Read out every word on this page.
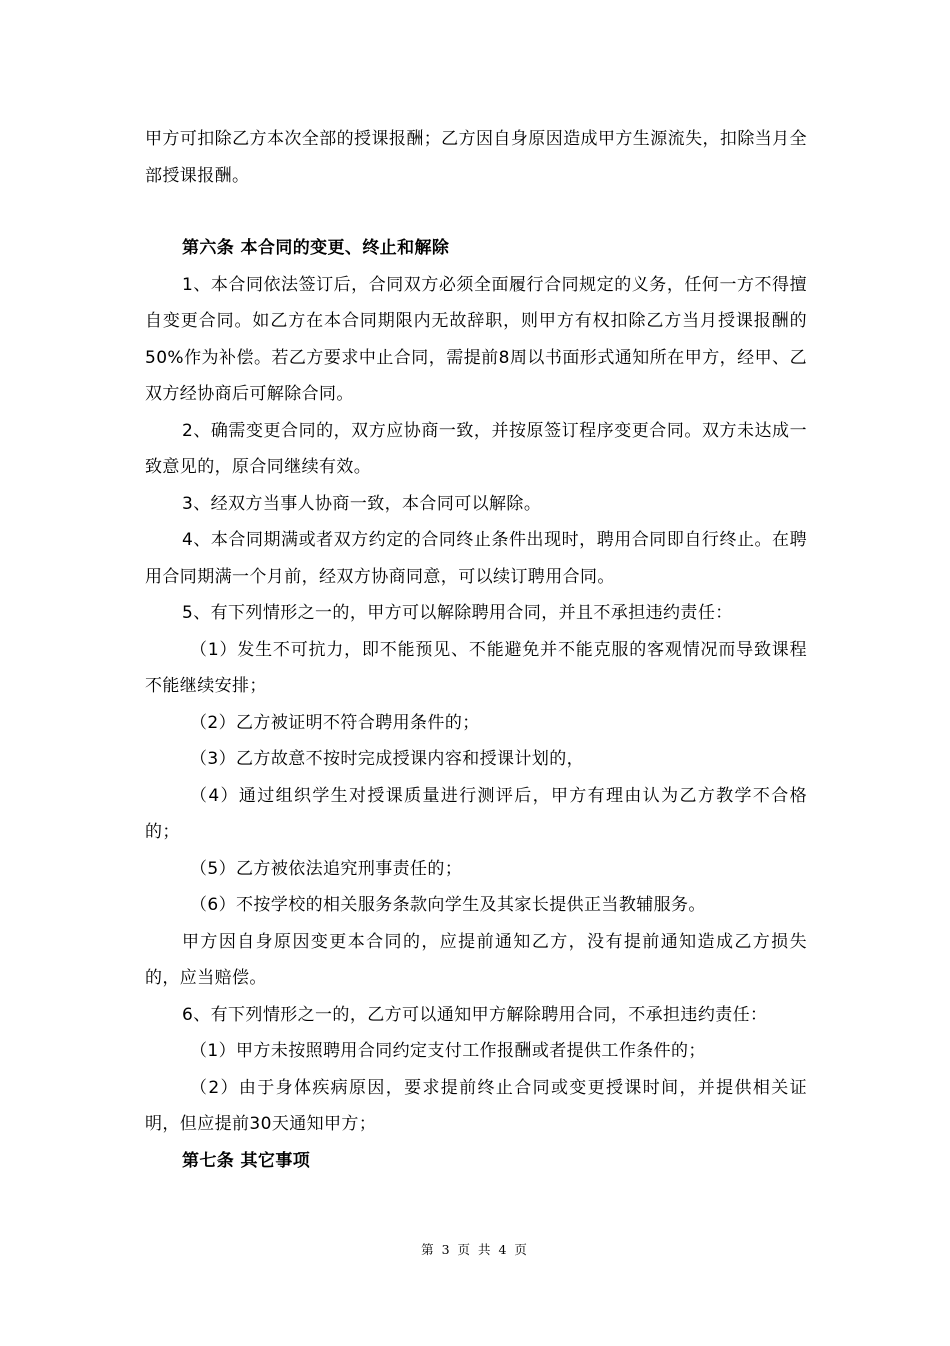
甲方可扣除乙方本次全部的授课报酬；乙方因自身原因造成甲方生源流失，扣除当月全部授课报酬。

第六条 本合同的变更、终止和解除

1、本合同依法签订后，合同双方必须全面履行合同规定的义务，任何一方不得擅自变更合同。如乙方在本合同期限内无故辞职，则甲方有权扣除乙方当月授课报酬的50%作为补偿。若乙方要求中止合同，需提前8周以书面形式通知所在甲方，经甲、乙双方经协商后可解除合同。

2、确需变更合同的，双方应协商一致，并按原签订程序变更合同。双方未达成一致意见的，原合同继续有效。

3、经双方当事人协商一致，本合同可以解除。

4、本合同期满或者双方约定的合同终止条件出现时，聘用合同即自行终止。在聘用合同期满一个月前，经双方协商同意，可以续订聘用合同。

5、有下列情形之一的，甲方可以解除聘用合同，并且不承担违约责任：

（1）发生不可抗力，即不能预见、不能避免并不能克服的客观情况而导致课程不能继续安排；

（2）乙方被证明不符合聘用条件的；

（3）乙方故意不按时完成授课内容和授课计划的，

（4）通过组织学生对授课质量进行测评后，甲方有理由认为乙方教学不合格的；

（5）乙方被依法追究刑事责任的；

（6）不按学校的相关服务条款向学生及其家长提供正当教辅服务。

甲方因自身原因变更本合同的，应提前通知乙方，没有提前通知造成乙方损失的，应当赔偿。

6、有下列情形之一的，乙方可以通知甲方解除聘用合同，不承担违约责任：

（1）甲方未按照聘用合同约定支付工作报酬或者提供工作条件的；

（2）由于身体疾病原因，要求提前终止合同或变更授课时间，并提供相关证明，但应提前30天通知甲方；

第七条 其它事项

第 3 页 共 4 页
